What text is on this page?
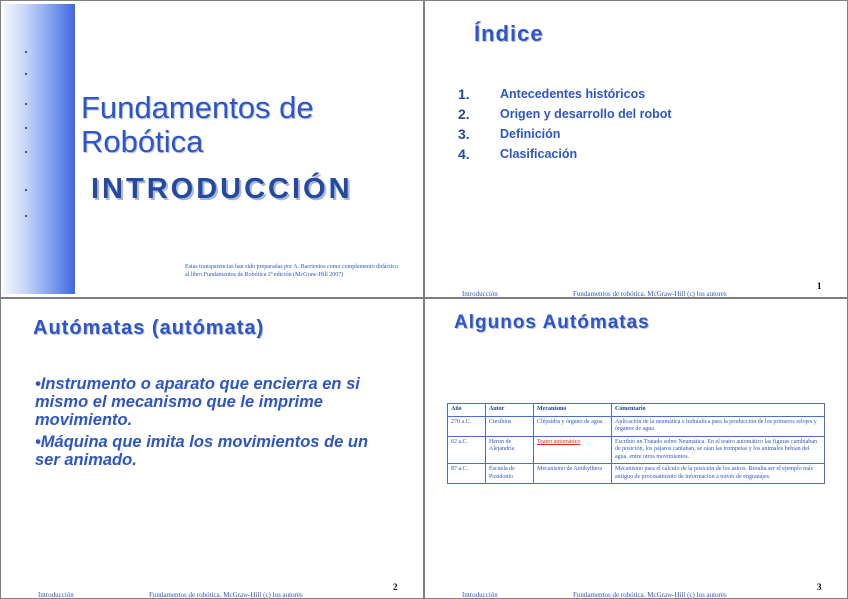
Fundamentos de
Robótica
INTRODUCCIÓN
Estas transparencias han sido preparadas por A. Barrientos como complemento didáctico al libro Fundamentos de Robótica 2ª edición (McGraw-Hill 2007)
Índice
1.	Antecedentes históricos
2.	Origen y desarrollo del robot
3.	Definición
4.	Clasificación
Introducción	Fundamentos de robótica. McGraw-Hill (c) los autores
1
Autómatas (autómata)
•Instrumento o aparato que encierra en si mismo el mecanismo que le imprime movimiento.
•Máquina que imita los movimientos de un ser animado.
Introducción	Fundamentos de robótica. McGraw-Hill (c) los autores
2
Algunos Autómatas
Año	Autor	Mecanismo	Comentario
270 a.C.	Ctesibius	Clépsidra y órgano de agua	Aplicación de la neumática e hidráulica para la producción de los primeros relojes y órganos de agua
62 a.C.	Heron de Alejandría	Teatro automático	Escribió un Tratado sobre Neumática. En el teatro automático las figuras cambiaban de posición, los pájaros cantaban, se oían las trompetas y los animales bebían del agua, entre otros movimientos.
87 a.C.	Escuela de Posidonio	Mecanismo de Antikythera	Mecanismo para el cálculo de la posición de los astros. Resulta ser el ejemplo más antiguo de procesamiento de información a través de engranajes.
Introducción	Fundamentos de robótica. McGraw-Hill (c) los autores
3
